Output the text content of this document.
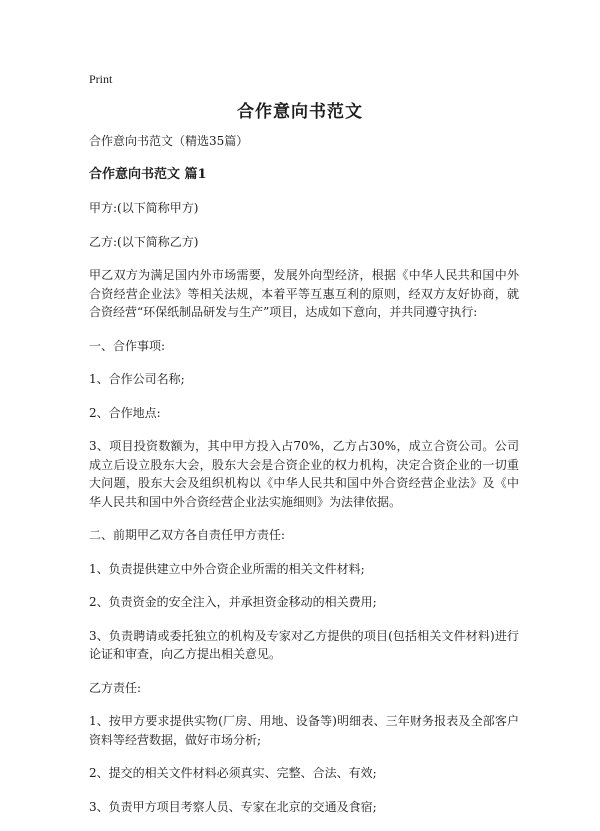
Print
合作意向书范文

合作意向书范文（精选35篇）

合作意向书范文 篇1

甲方:(以下简称甲方)

乙方:(以下简称乙方)

甲乙双方为满足国内外市场需要，发展外向型经济，根据《中华人民共和国中外合资经营企业法》等相关法规，本着平等互惠互利的原则，经双方友好协商，就合资经营“环保纸制品研发与生产”项目，达成如下意向，并共同遵守执行:

一、合作事项:

1、合作公司名称;

2、合作地点:

3、项目投资数额为，其中甲方投入占70%，乙方占30%，成立合资公司。公司成立后设立股东大会，股东大会是合资企业的权力机构，决定合资企业的一切重大问题，股东大会及组织机构以《中华人民共和国中外合资经营企业法》及《中华人民共和国中外合资经营企业法实施细则》为法律依据。

二、前期甲乙双方各自责任甲方责任:

1、负责提供建立中外合资企业所需的相关文件材料;

2、负责资金的安全注入，并承担资金移动的相关费用;

3、负责聘请或委托独立的机构及专家对乙方提供的项目(包括相关文件材料)进行论证和审查，向乙方提出相关意见。

乙方责任:

1、按甲方要求提供实物(厂房、用地、设备等)明细表、三年财务报表及全部客户资料等经营数据，做好市场分析;

2、提交的相关文件材料必须真实、完整、合法、有效;

3、负责甲方项目考察人员、专家在北京的交通及食宿;
